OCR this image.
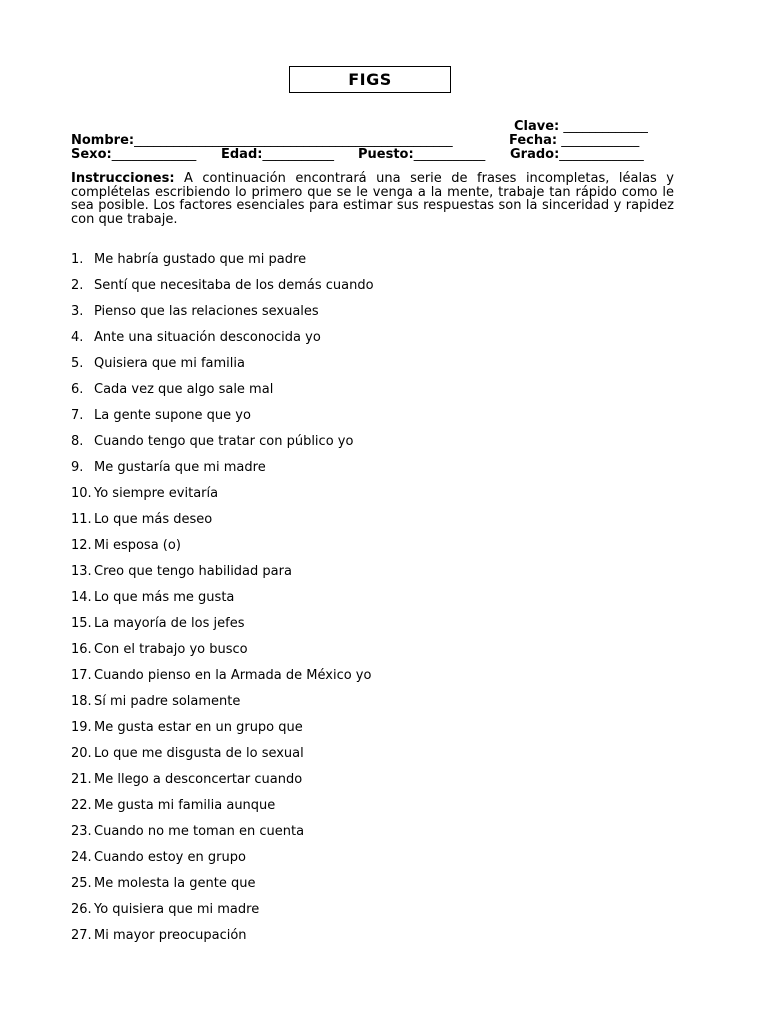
FIGS
Clave: _____________
Nombre:_________________________________________________	Fecha: ____________
Sexo:_____________ Edad:___________ Puesto:___________ Grado:_____________
Instrucciones: A continuación encontrará una serie de frases incompletas, léalas y complételas escribiendo lo primero que se le venga a la mente, trabaje tan rápido como le sea posible. Los factores esenciales para estimar sus respuestas son la sinceridad y rapidez con que trabaje.
1. Me habría gustado que mi padre
2. Sentí que necesitaba de los demás cuando
3. Pienso que las relaciones sexuales
4. Ante una situación desconocida yo
5. Quisiera que mi familia
6. Cada vez que algo sale mal
7. La gente supone que yo
8. Cuando tengo que tratar con público yo
9. Me gustaría que mi madre
10. Yo siempre evitaría
11. Lo que más deseo
12. Mi esposa (o)
13. Creo que tengo habilidad para
14. Lo que más me gusta
15. La mayoría de los jefes
16. Con el trabajo yo busco
17. Cuando pienso en la Armada de México yo
18. Sí mi padre solamente
19. Me gusta estar en un grupo que
20. Lo que me disgusta de lo sexual
21. Me llego a desconcertar cuando
22. Me gusta mi familia aunque
23. Cuando no me toman en cuenta
24. Cuando estoy en grupo
25. Me molesta la gente que
26. Yo quisiera que mi madre
27. Mi mayor preocupación
